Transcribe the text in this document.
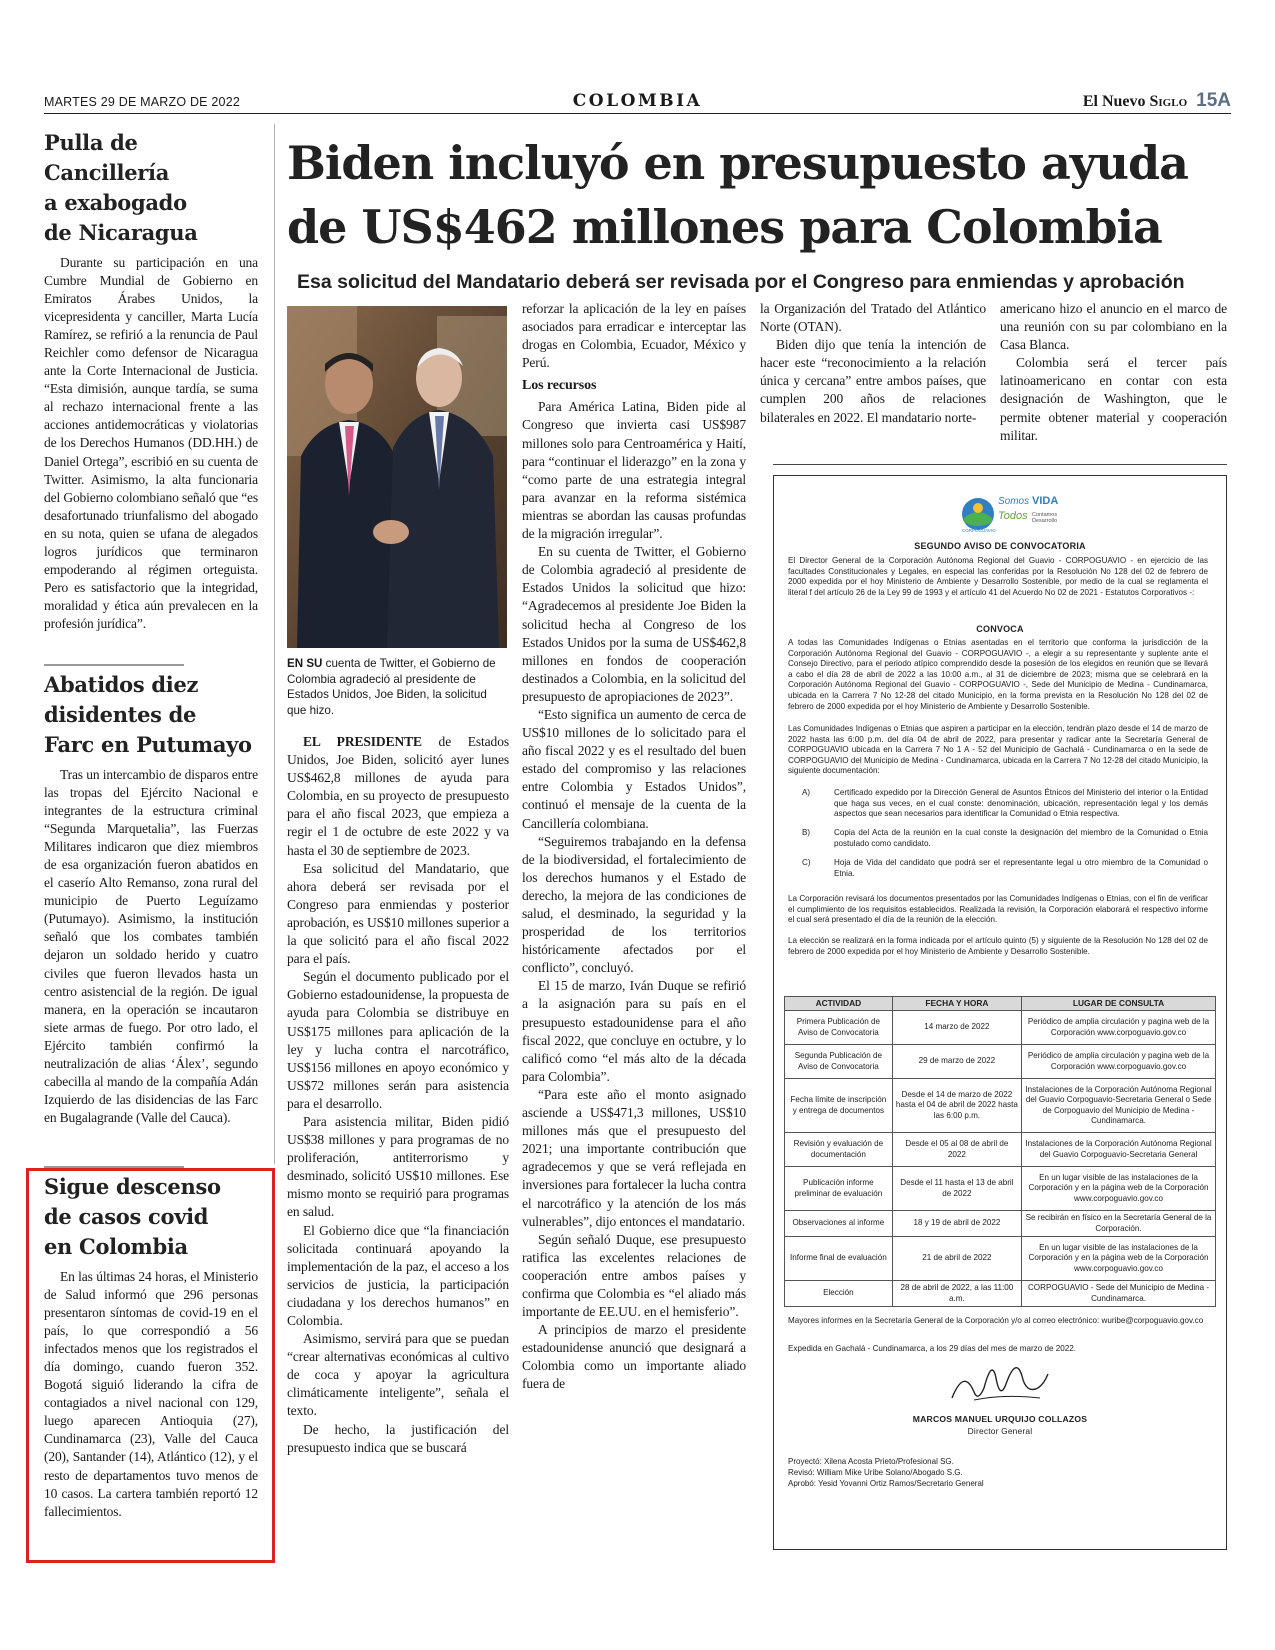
MARTES 29 DE MARZO DE 2022	COLOMBIA	El Nuevo Siglo 15A
Pulla de Cancillería
a exabogado
de Nicaragua

Durante su participación en una Cumbre Mundial de Gobierno en Emiratos Árabes Unidos, la vicepresidenta y canciller, Marta Lucía Ramírez, se refirió a la renuncia de Paul Reichler como defensor de Nicaragua ante la Corte Internacional de Justicia. “Esta dimisión, aunque tardía, se suma al rechazo internacional frente a las acciones antidemocráticas y violatorias de los Derechos Humanos (DD.HH.) de Daniel Ortega”, escribió en su cuenta de Twitter. Asimismo, la alta funcionaria del Gobierno colombiano señaló que “es desafortunado triunfalismo del abogado en su nota, quien se ufana de alegados logros jurídicos que terminaron empoderando al régimen orteguista. Pero es satisfactorio que la integridad, moralidad y ética aún prevalecen en la profesión jurídica”.

Abatidos diez
disidentes de
Farc en Putumayo

Tras un intercambio de disparos entre las tropas del Ejército Nacional e integrantes de la estructura criminal “Segunda Marquetalia”, las Fuerzas Militares indicaron que diez miembros de esa organización fueron abatidos en el caserío Alto Remanso, zona rural del municipio de Puerto Leguízamo (Putumayo). Asimismo, la institución señaló que los combates también dejaron un soldado herido y cuatro civiles que fueron llevados hasta un centro asistencial de la región. De igual manera, en la operación se incautaron siete armas de fuego. Por otro lado, el Ejército también confirmó la neutralización de alias ‘Álex’, segundo cabecilla al mando de la compañía Adán Izquierdo de las disidencias de las Farc en Bugalagrande (Valle del Cauca).

Sigue descenso
de casos covid
en Colombia

En las últimas 24 horas, el Ministerio de Salud informó que 296 personas presentaron síntomas de covid-19 en el país, lo que correspondió a 56 infectados menos que los registrados el día domingo, cuando fueron 352. Bogotá siguió liderando la cifra de contagiados a nivel nacional con 129, luego aparecen Antioquia (27), Cundinamarca (23), Valle del Cauca (20), Santander (14), Atlántico (12), y el resto de departamentos tuvo menos de 10 casos. La cartera también reportó 12 fallecimientos.

Biden incluyó en presupuesto ayuda
de US$462 millones para Colombia
Esa solicitud del Mandatario deberá ser revisada por el Congreso para enmiendas y aprobación

EN SU cuenta de Twitter, el Gobierno de Colombia agradeció al presidente de Estados Unidos, Joe Biden, la solicitud que hizo.

EL PRESIDENTE de Estados Unidos, Joe Biden, solicitó ayer lunes US$462,8 millones de ayuda para Colombia, en su proyecto de presupuesto para el año fiscal 2023, que empieza a regir el 1 de octubre de este 2022 y va hasta el 30 de septiembre de 2023.

Esa solicitud del Mandatario, que ahora deberá ser revisada por el Congreso para enmiendas y posterior aprobación, es US$10 millones superior a la que solicitó para el año fiscal 2022 para el país.

Según el documento publicado por el Gobierno estadounidense, la propuesta de ayuda para Colombia se distribuye en US$175 millones para aplicación de la ley y lucha contra el narcotráfico, US$156 millones en apoyo económico y US$72 millones serán para asistencia para el desarrollo.

Para asistencia militar, Biden pidió US$38 millones y para programas de no proliferación, antiterrorismo y desminado, solicitó US$10 millones. Ese mismo monto se requirió para programas en salud.

El Gobierno dice que “la financiación solicitada continuará apoyando la implementación de la paz, el acceso a los servicios de justicia, la participación ciudadana y los derechos humanos” en Colombia.

Asimismo, servirá para que se puedan “crear alternativas económicas al cultivo de coca y apoyar la agricultura climáticamente inteligente”, señala el texto.

De hecho, la justificación del presupuesto indica que se buscará

reforzar la aplicación de la ley en países asociados para erradicar e interceptar las drogas en Colombia, Ecuador, México y Perú.

Los recursos

Para América Latina, Biden pide al Congreso que invierta casi US$987 millones solo para Centroamérica y Haití, para “continuar el liderazgo” en la zona y “como parte de una estrategia integral para avanzar en la reforma sistémica mientras se abordan las causas profundas de la migración irregular”.

En su cuenta de Twitter, el Gobierno de Colombia agradeció al presidente de Estados Unidos la solicitud que hizo: “Agradecemos al presidente Joe Biden la solicitud hecha al Congreso de los Estados Unidos por la suma de US$462,8 millones en fondos de cooperación destinados a Colombia, en la solicitud del presupuesto de apropiaciones de 2023”.

“Esto significa un aumento de cerca de US$10 millones de lo solicitado para el año fiscal 2022 y es el resultado del buen estado del compromiso y las relaciones entre Colombia y Estados Unidos”, continuó el mensaje de la cuenta de la Cancillería colombiana.

“Seguiremos trabajando en la defensa de la biodiversidad, el fortalecimiento de los derechos humanos y el Estado de derecho, la mejora de las condiciones de salud, el desminado, la seguridad y la prosperidad de los territorios históricamente afectados por el conflicto”, concluyó.

El 15 de marzo, Iván Duque se refirió a la asignación para su país en el presupuesto estadounidense para el año fiscal 2022, que concluye en octubre, y lo calificó como “el más alto de la década para Colombia”.

“Para este año el monto asignado asciende a US$471,3 millones, US$10 millones más que el presupuesto del 2021; una importante contribución que agradecemos y que se verá reflejada en inversiones para fortalecer la lucha contra el narcotráfico y la atención de los más vulnerables”, dijo entonces el mandatario.

Según señaló Duque, ese presupuesto ratifica las excelentes relaciones de cooperación entre ambos países y confirma que Colombia es “el aliado más importante de EE.UU. en el hemisferio”.

A principios de marzo el presidente estadounidense anunció que designará a Colombia como un importante aliado fuera de

la Organización del Tratado del Atlántico Norte (OTAN).

Biden dijo que tenía la intención de hacer este “reconocimiento a la relación única y cercana” entre ambos países, que cumplen 200 años de relaciones bilaterales en 2022. El mandatario norte-

americano hizo el anuncio en el marco de una reunión con su par colombiano en la Casa Blanca.

Colombia será el tercer país latinoamericano en contar con esta designación de Washington, que le permite obtener material y cooperación militar.

Somos VIDA
Todos Contamos Desarrollo
CORPOGUAVIO
SEGUNDO AVISO DE CONVOCATORIA

El Director General de la Corporación Autónoma Regional del Guavio - CORPOGUAVIO - en ejercicio de las facultades Constitucionales y Legales, en especial las conferidas por la Resolución No 128 del 02 de febrero de 2000 expedida por el hoy Ministerio de Ambiente y Desarrollo Sostenible, por medio de la cual se reglamenta el literal f del artículo 26 de la Ley 99 de 1993 y el artículo 41 del Acuerdo No 02 de 2021 - Estatutos Corporativos -:

CONVOCA

A todas las Comunidades Indígenas o Etnias asentadas en el territorio que conforma la jurisdicción de la Corporación Autónoma Regional del Guavio - CORPOGUAVIO -, a elegir a su representante y suplente ante el Consejo Directivo, para el periodo atípico comprendido desde la posesión de los elegidos en reunión que se llevará a cabo el día 28 de abril de 2022 a las 10:00 a.m., al 31 de diciembre de 2023; misma que se celebrará en la Corporación Autónoma Regional del Guavio - CORPOGUAVIO -, Sede del Municipio de Medina - Cundinamarca, ubicada en la Carrera 7 No 12-28 del citado Municipio, en la forma prevista en la Resolución No 128 del 02 de febrero de 2000 expedida por el hoy Ministerio de Ambiente y Desarrollo Sostenible.

Las Comunidades Indígenas o Etnias que aspiren a participar en la elección, tendrán plazo desde el 14 de marzo de 2022 hasta las 6:00 p.m. del día 04 de abril de 2022, para presentar y radicar ante la Secretaría General de CORPOGUAVIO ubicada en la Carrera 7 No 1 A - 52 del Municipio de Gachalá - Cundinamarca o en la sede de CORPOGUAVIO del Municipio de Medina - Cundinamarca, ubicada en la Carrera 7 No 12-28 del citado Municipio, la siguiente documentación:

A)	Certificado expedido por la Dirección General de Asuntos Étnicos del Ministerio del interior o la Entidad que haga sus veces, en el cual conste: denominación, ubicación, representación legal y los demás aspectos que sean necesarios para identificar la Comunidad o Etnia respectiva.
B)	Copia del Acta de la reunión en la cual conste la designación del miembro de la Comunidad o Etnia postulado como candidato.
C)	Hoja de Vida del candidato que podrá ser el representante legal u otro miembro de la Comunidad o Etnia.

La Corporación revisará los documentos presentados por las Comunidades Indígenas o Etnias, con el fin de verificar el cumplimiento de los requisitos establecidos. Realizada la revisión, la Corporación elaborará el respectivo informe el cual será presentado el día de la reunión de la elección.

La elección se realizará en la forma indicada por el artículo quinto (5) y siguiente de la Resolución No 128 del 02 de febrero de 2000 expedida por el hoy Ministerio de Ambiente y Desarrollo Sostenible.

ACTIVIDAD	FECHA Y HORA	LUGAR DE CONSULTA
Primera Publicación de Aviso de Convocatoria	14 marzo de 2022	Periódico de amplia circulación y pagina web de la Corporación www.corpoguavio.gov.co
Segunda Publicación de Aviso de Convocatoria	29 de marzo de 2022	Periódico de amplia circulación y pagina web de la Corporación www.corpoguavio.gov.co
Fecha límite de inscripción y entrega de documentos	Desde el 14 de marzo de 2022 hasta el 04 de abril de 2022 hasta las 6:00 p.m.	Instalaciones de la Corporación Autónoma Regional del Guavio Corpoguavio-Secretaria General o Sede de Corpoguavio del Municipio de Medina - Cundinamarca.
Revisión y evaluación de documentación	Desde el 05 al 08 de abril de 2022	Instalaciones de la Corporación Autónoma Regional del Guavio Corpoguavio-Secretaria General
Publicación informe preliminar de evaluación	Desde el 11 hasta el 13 de abril de 2022	En un lugar visible de las instalaciones de la Corporación y en la página web de la Corporación www.corpoguavio.gov.co
Observaciones al informe	18 y 19 de abril de 2022	Se recibirán en físico en la Secretaría General de la Corporación.
Informe final de evaluación	21 de abril de 2022	En un lugar visible de las instalaciones de la Corporación y en la página web de la Corporación www.corpoguavio.gov.co
Elección	28 de abril de 2022, a las 11:00 a.m.	CORPOGUAVIO - Sede del Municipio de Medina - Cundinamarca.

Mayores informes en la Secretaría General de la Corporación y/o al correo electrónico: wuribe@corpoguavio.gov.co

Expedida en Gachalá - Cundinamarca, a los 29 días del mes de marzo de 2022.

MARCOS MANUEL URQUIJO COLLAZOS
Director General
Proyectó: Xilena Acosta Prieto/Profesional SG.
Revisó: William Mike Uribe Solano/Abogado S.G.
Aprobó: Yesid Yovanni Ortiz Ramos/Secretario General
